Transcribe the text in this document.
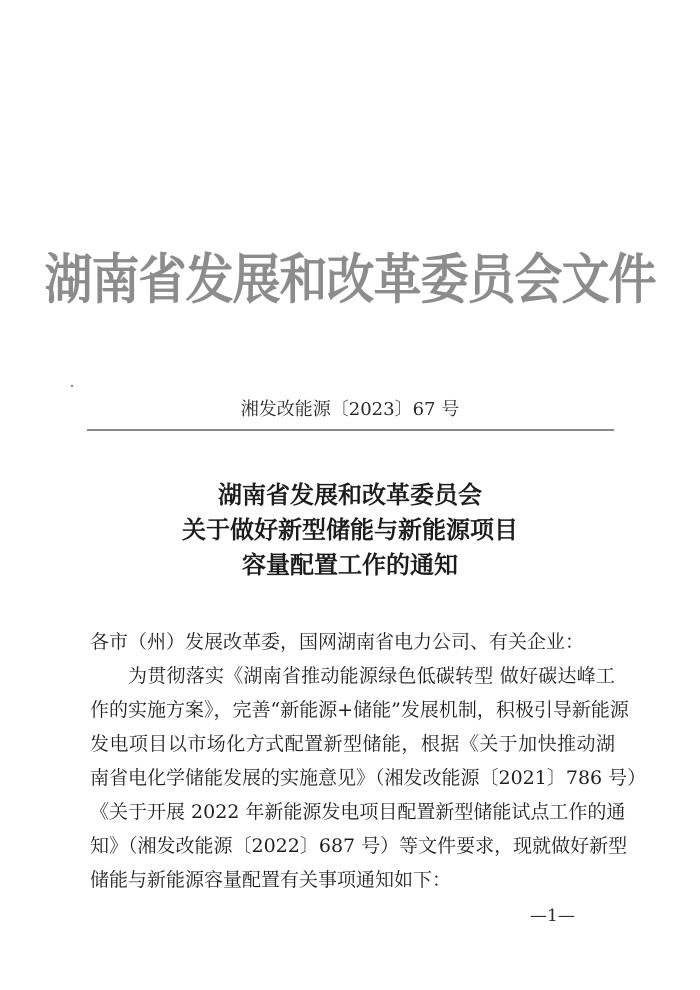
湖南省发展和改革委员会文件
湘发改能源〔2023〕67 号
湖南省发展和改革委员会
关于做好新型储能与新能源项目
容量配置工作的通知
各市（州）发展改革委，国网湖南省电力公司、有关企业：
为贯彻落实《湖南省推动能源绿色低碳转型 做好碳达峰工
作的实施方案》，完善“新能源+储能”发展机制，积极引导新能源
发电项目以市场化方式配置新型储能，根据《关于加快推动湖
南省电化学储能发展的实施意见》（湘发改能源〔2021〕786 号）
《关于开展 2022 年新能源发电项目配置新型储能试点工作的通
知》（湘发改能源〔2022〕687 号）等文件要求，现就做好新型
储能与新能源容量配置有关事项通知如下：
—1—
